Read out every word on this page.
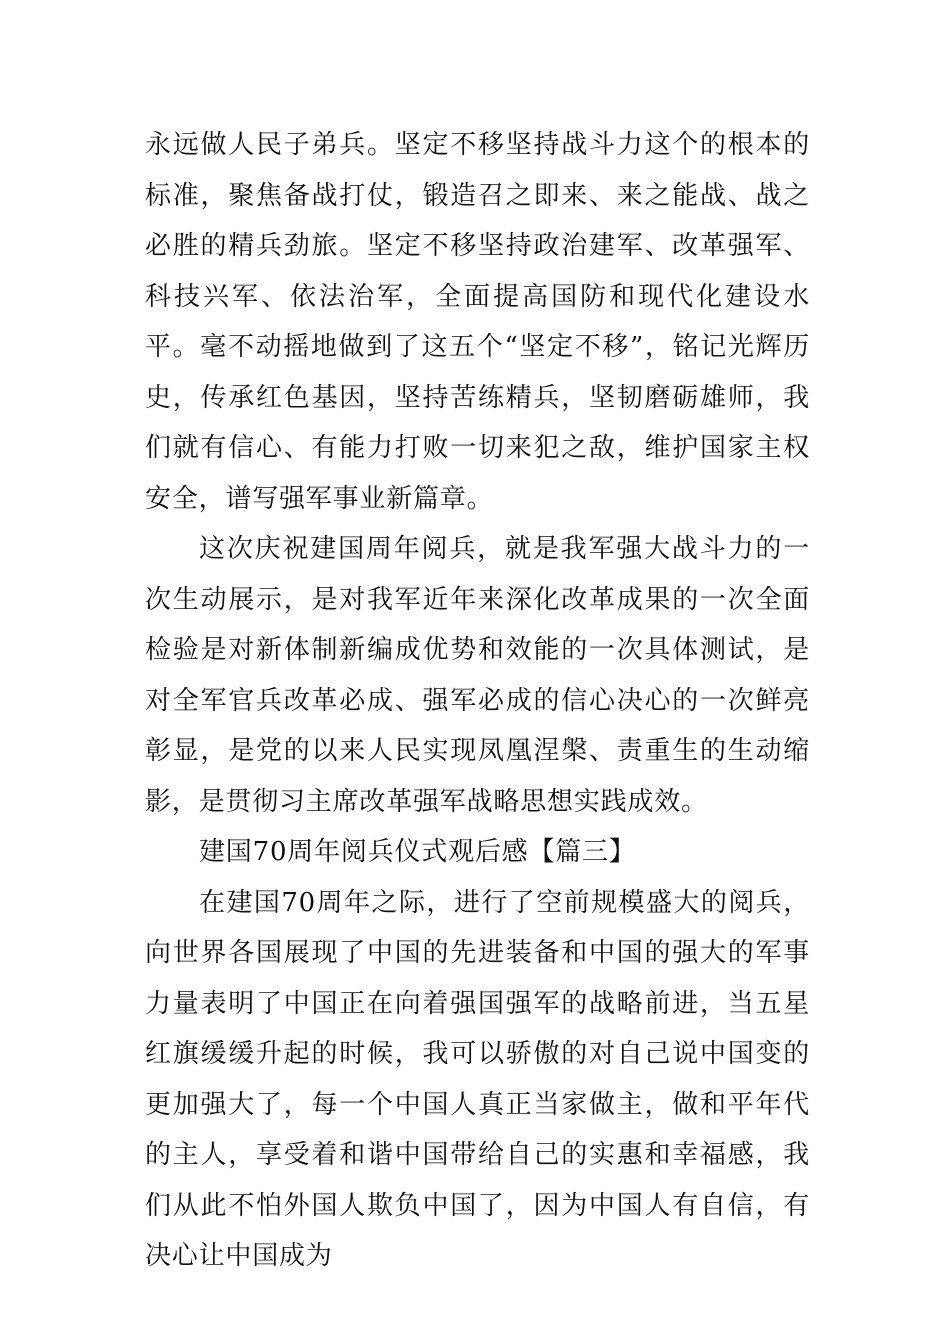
永远做人民子弟兵。坚定不移坚持战斗力这个的根本的标准，聚焦备战打仗，锻造召之即来、来之能战、战之必胜的精兵劲旅。坚定不移坚持政治建军、改革强军、科技兴军、依法治军，全面提高国防和现代化建设水平。毫不动摇地做到了这五个“坚定不移”，铭记光辉历史，传承红色基因，坚持苦练精兵，坚韧磨砺雄师，我们就有信心、有能力打败一切来犯之敌，维护国家主权安全，谱写强军事业新篇章。

这次庆祝建国周年阅兵，就是我军强大战斗力的一次生动展示，是对我军近年来深化改革成果的一次全面检验是对新体制新编成优势和效能的一次具体测试，是对全军官兵改革必成、强军必成的信心决心的一次鲜亮彰显，是党的以来人民实现凤凰涅槃、责重生的生动缩影，是贯彻习主席改革强军战略思想实践成效。

建国70周年阅兵仪式观后感【篇三】

在建国70周年之际，进行了空前规模盛大的阅兵，向世界各国展现了中国的先进装备和中国的强大的军事力量表明了中国正在向着强国强军的战略前进，当五星红旗缓缓升起的时候，我可以骄傲的对自己说中国变的更加强大了，每一个中国人真正当家做主，做和平年代的主人，享受着和谐中国带给自己的实惠和幸福感，我们从此不怕外国人欺负中国了，因为中国人有自信，有决心让中国成为
